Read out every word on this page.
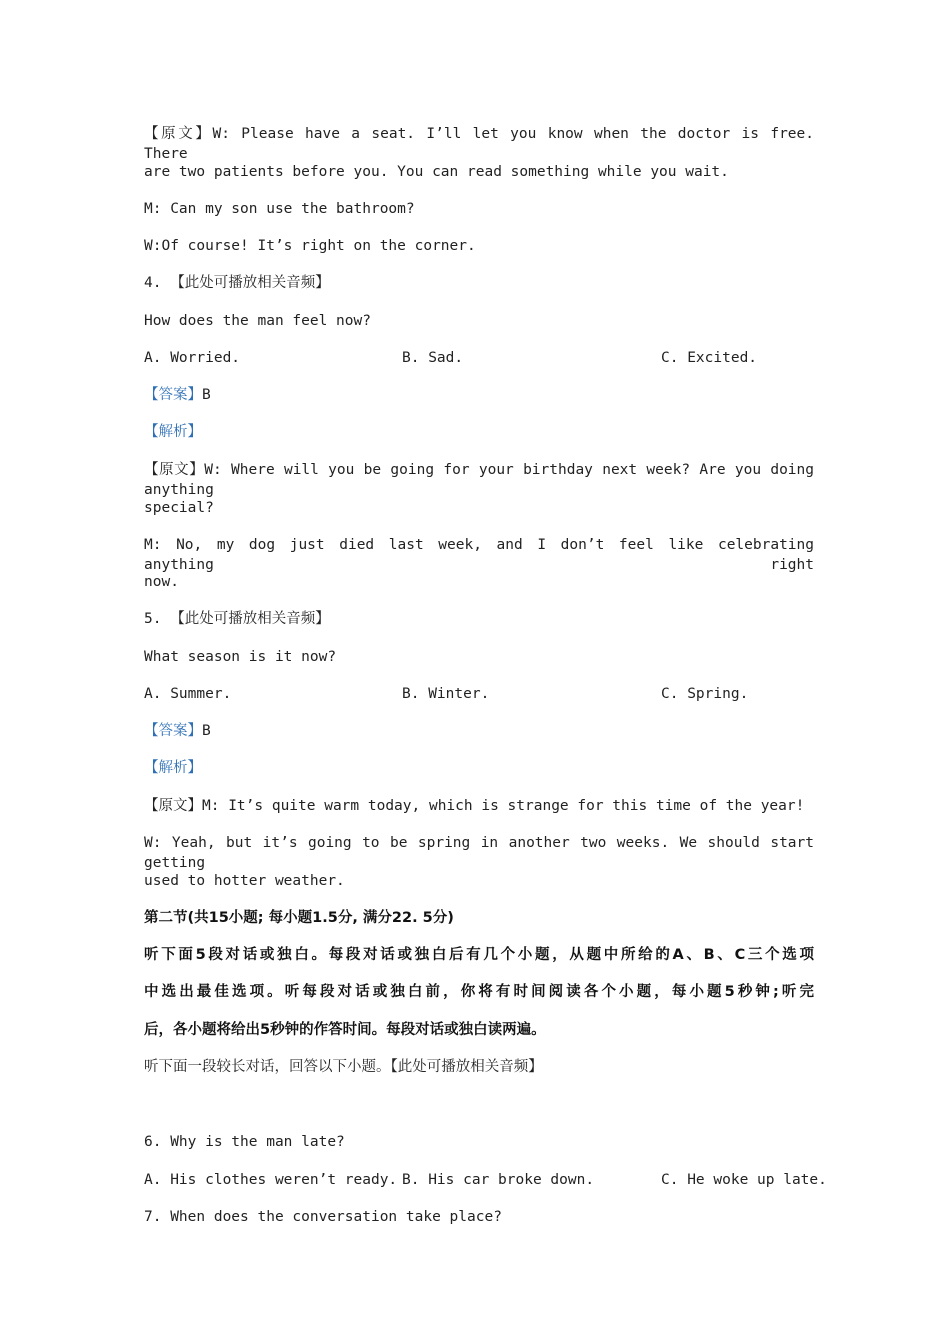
【原文】W: Please have a seat. I’ll let you know when the doctor is free. There
are two patients before you. You can read something while you wait.
M: Can my son use the bathroom?
W:Of course! It’s right on the corner.
4. 【此处可播放相关音频】
How does the man feel now?
A. Worried.	B. Sad.	C. Excited.
【答案】B
【解析】
【原文】W: Where will you be going for your birthday next week? Are you doing anything
special?
M: No, my dog just died last week, and I don’t feel like celebrating anything right
now.
5. 【此处可播放相关音频】
What season is it now?
A. Summer.	B. Winter.	C. Spring.
【答案】B
【解析】
【原文】M: It’s quite warm today, which is strange for this time of the year!
W: Yeah, but it’s going to be spring in another two weeks. We should start getting
used to hotter weather.
第二节(共15小题; 每小题1.5分, 满分22. 5分)
听下面5段对话或独白。每段对话或独白后有几个小题，从题中所给的A、B、C三个选项
中选出最佳选项。听每段对话或独白前，你将有时间阅读各个小题，每小题5秒钟;听完
后，各小题将给出5秒钟的作答时间。每段对话或独白读两遍。
听下面一段较长对话，回答以下小题。【此处可播放相关音频】
6. Why is the man late?
A. His clothes weren’t ready. B. His car broke down.	C. He woke up late.
7. When does the conversation take place?
